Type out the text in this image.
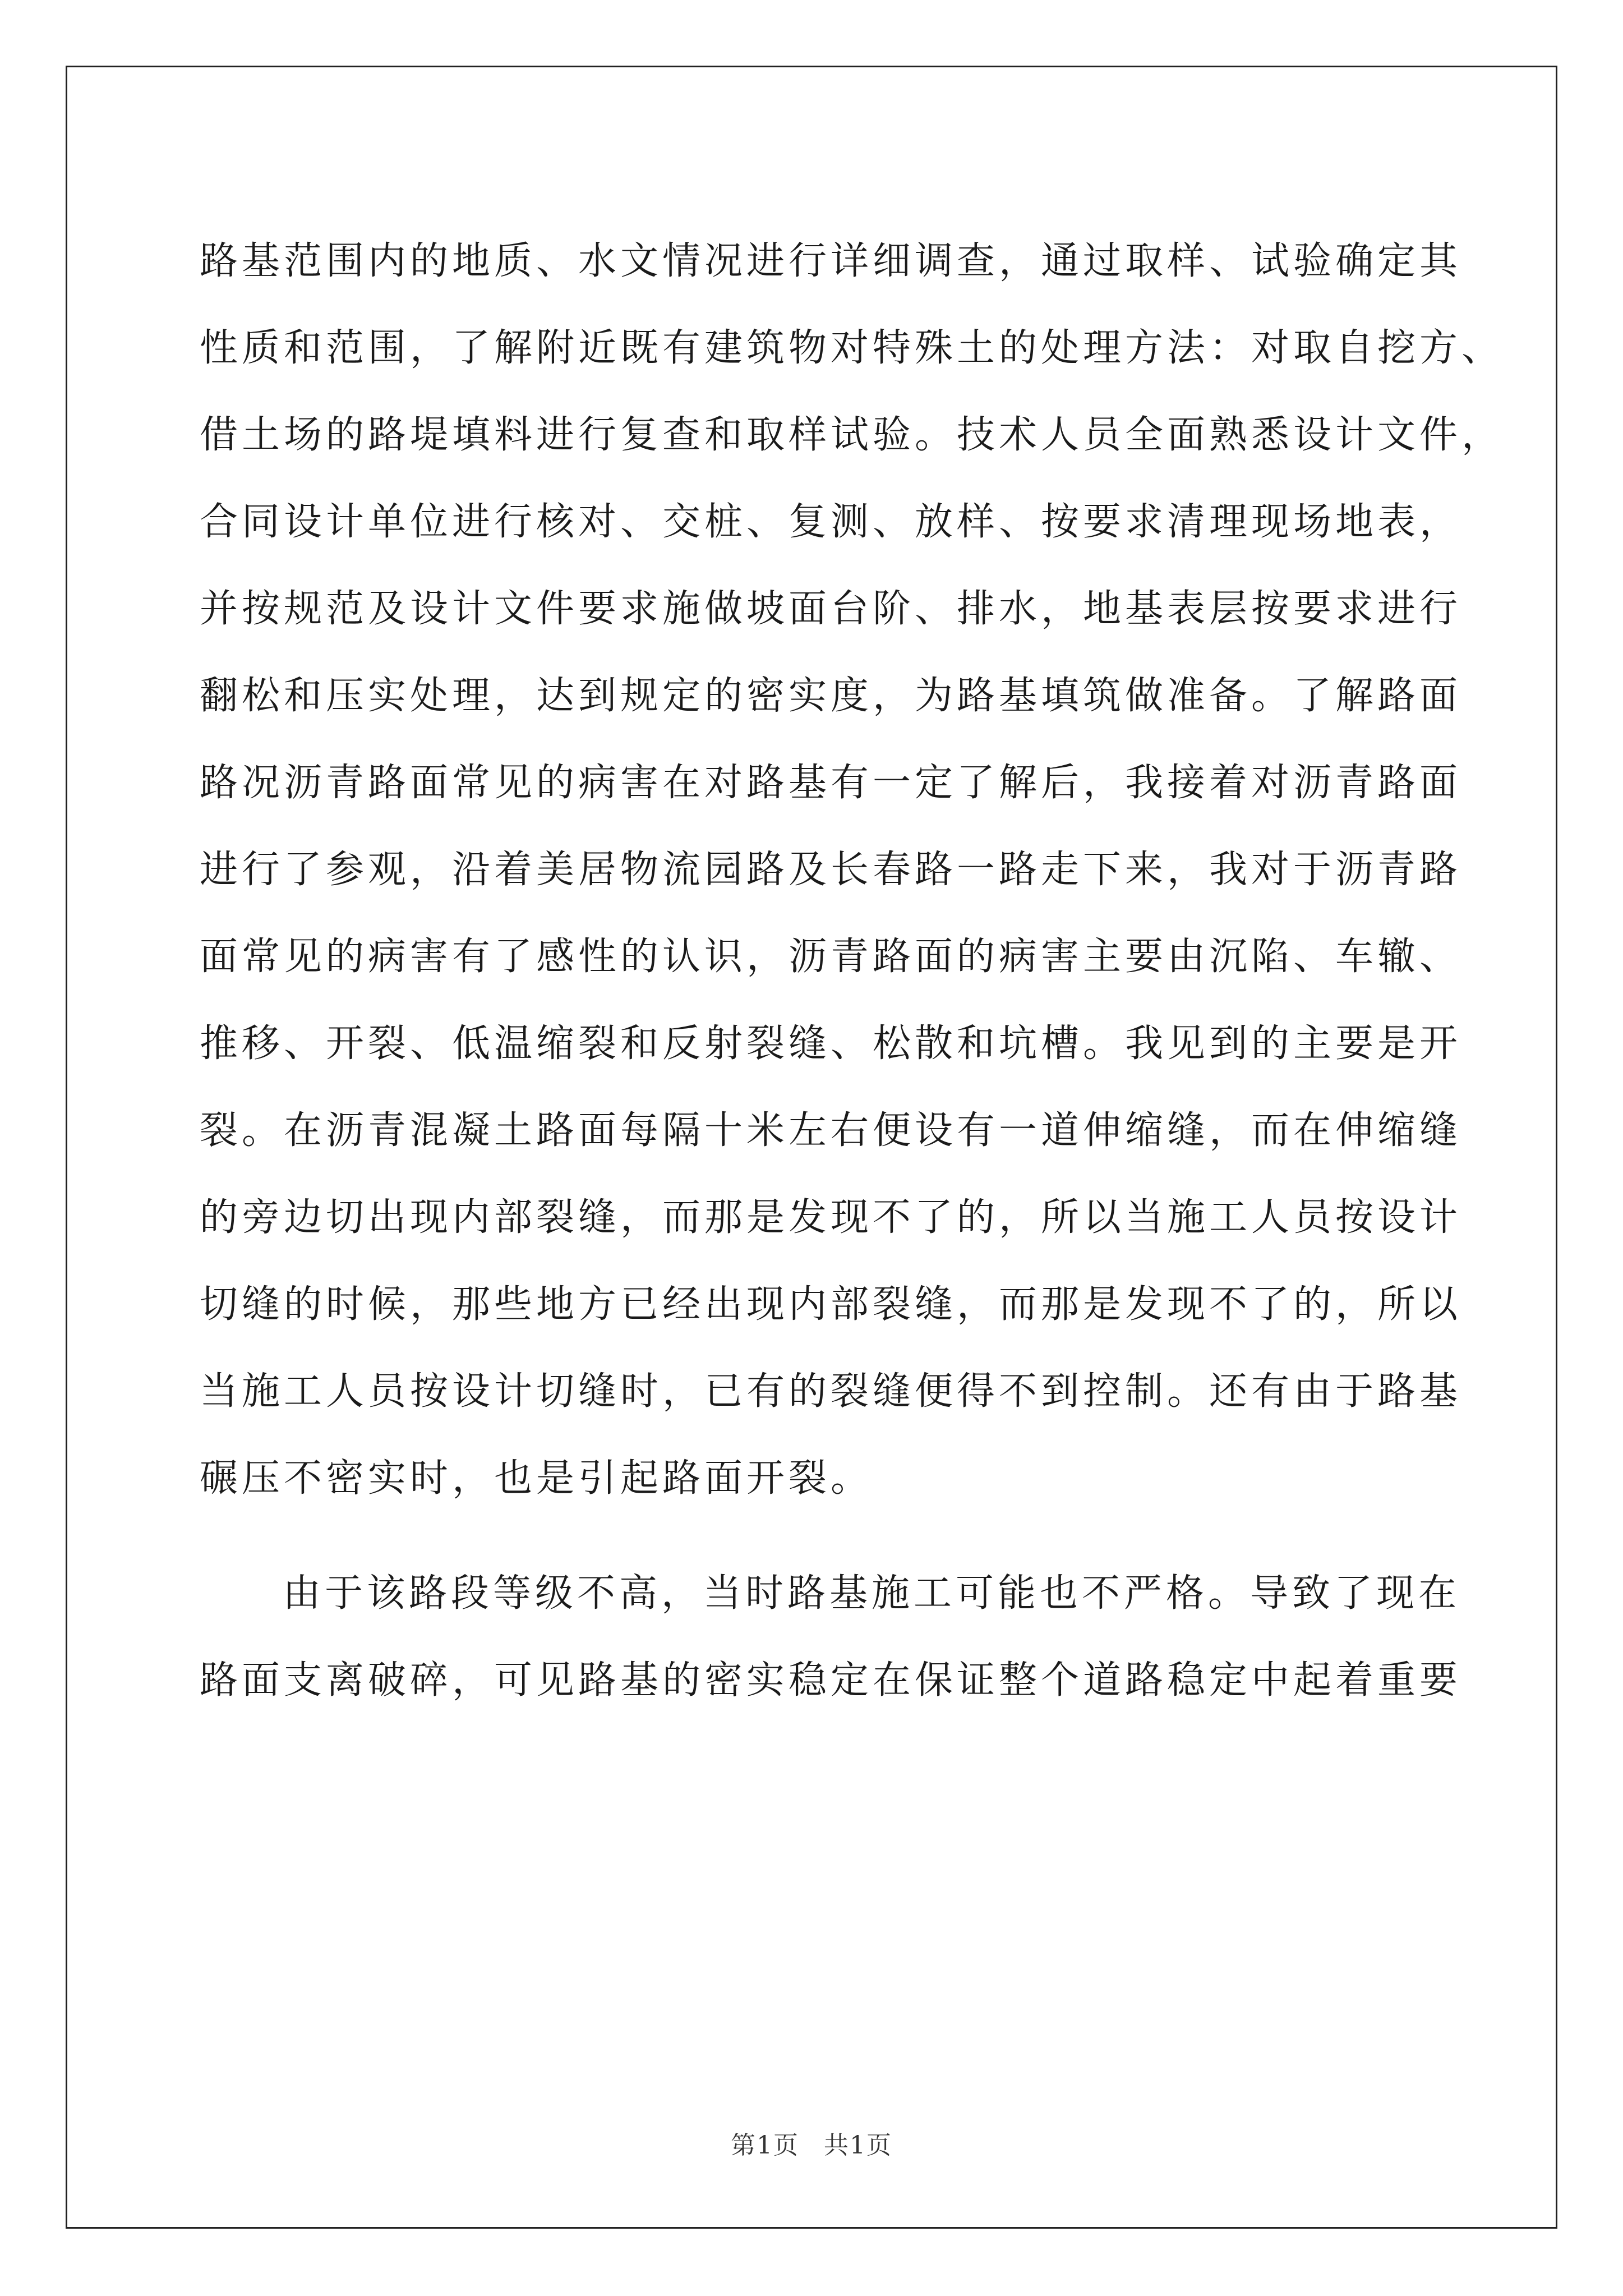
路基范围内的地质、水文情况进行详细调查，通过取样、试验确定其
性质和范围，了解附近既有建筑物对特殊土的处理方法：对取自挖方、
借土场的路堤填料进行复查和取样试验。技术人员全面熟悉设计文件，
合同设计单位进行核对、交桩、复测、放样、按要求清理现场地表，
并按规范及设计文件要求施做坡面台阶、排水，地基表层按要求进行
翻松和压实处理，达到规定的密实度，为路基填筑做准备。了解路面
路况沥青路面常见的病害在对路基有一定了解后，我接着对沥青路面
进行了参观，沿着美居物流园路及长春路一路走下来，我对于沥青路
面常见的病害有了感性的认识，沥青路面的病害主要由沉陷、车辙、
推移、开裂、低温缩裂和反射裂缝、松散和坑槽。我见到的主要是开
裂。在沥青混凝土路面每隔十米左右便设有一道伸缩缝，而在伸缩缝
的旁边切出现内部裂缝，而那是发现不了的，所以当施工人员按设计
切缝的时候，那些地方已经出现内部裂缝，而那是发现不了的，所以
当施工人员按设计切缝时，已有的裂缝便得不到控制。还有由于路基
碾压不密实时，也是引起路面开裂。
由于该路段等级不高，当时路基施工可能也不严格。导致了现在
路面支离破碎，可见路基的密实稳定在保证整个道路稳定中起着重要
第1页 共1页
